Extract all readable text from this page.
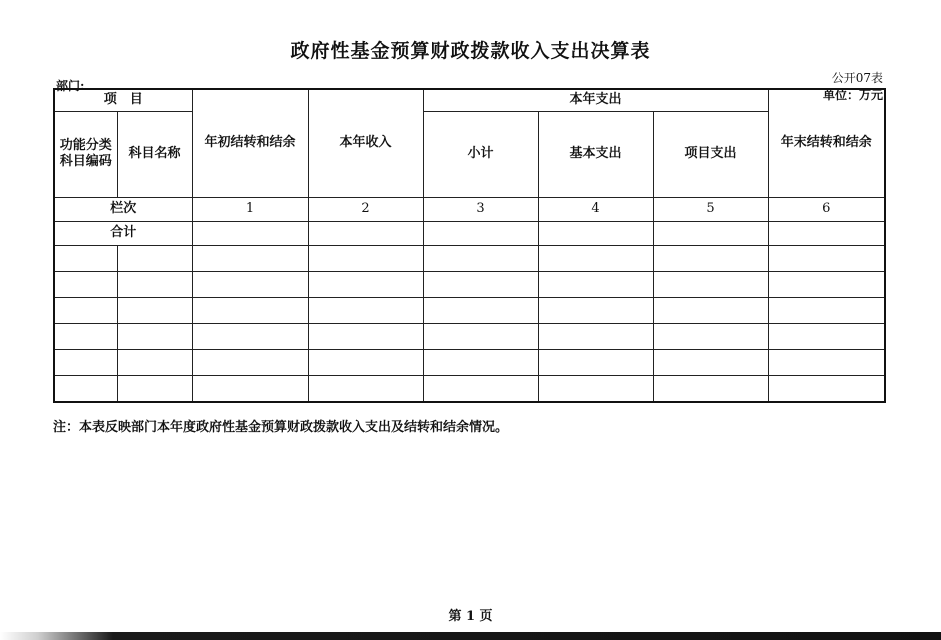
政府性基金预算财政拨款收入支出决算表
公开07表
部门:
单位：万元
项　目		年初结转和结余	本年收入	本年支出			年末结转和结余
功能分类科目编码	科目名称			小计	基本支出	项目支出	

栏次		1	2	3	4	5	6
合计							

注：本表反映部门本年度政府性基金预算财政拨款收入支出及结转和结余情况。
第 1 页
